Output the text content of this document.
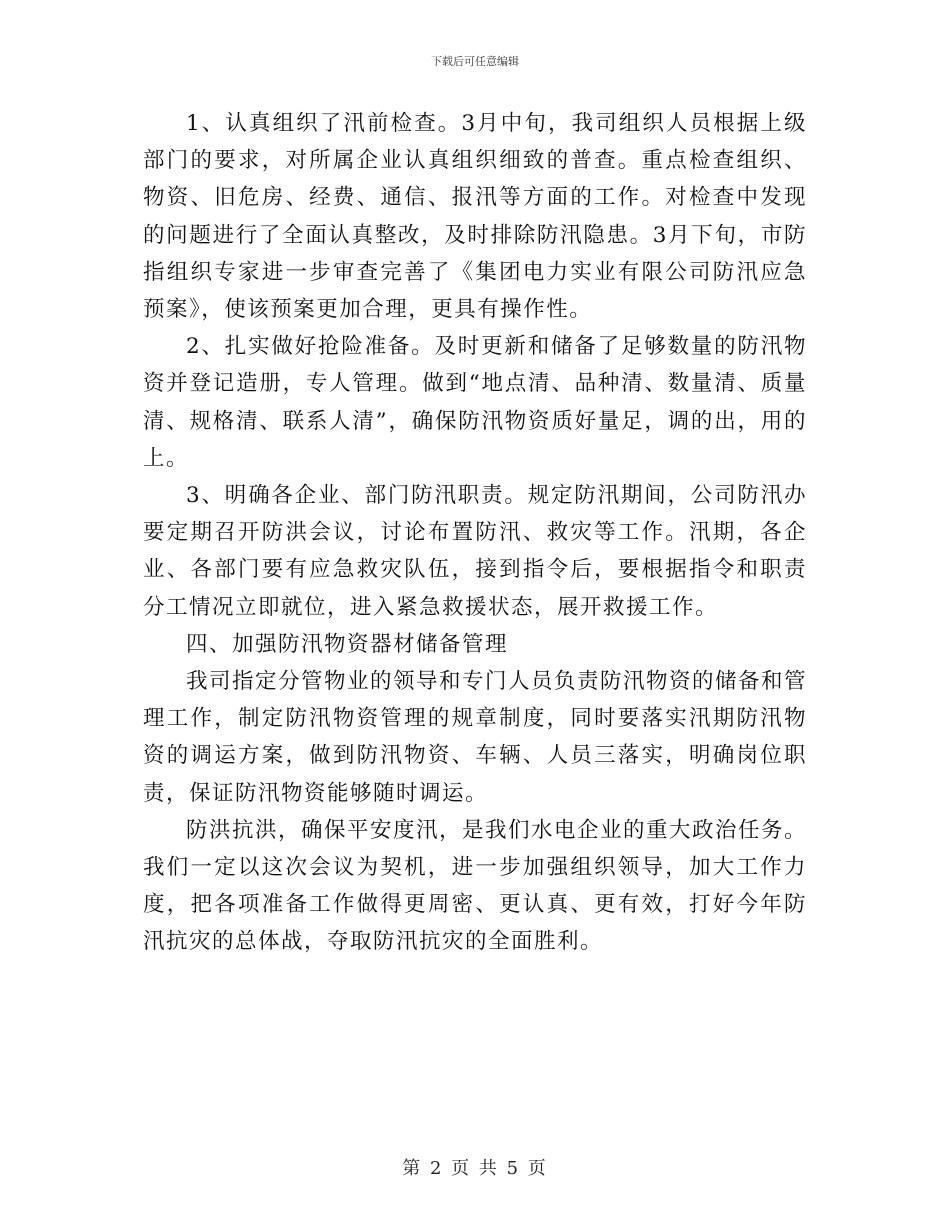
下载后可任意编辑

1、认真组织了汛前检查。3月中旬，我司组织人员根据上级部门的要求，对所属企业认真组织细致的普查。重点检查组织、物资、旧危房、经费、通信、报汛等方面的工作。对检查中发现的问题进行了全面认真整改，及时排除防汛隐患。3月下旬，市防指组织专家进一步审查完善了《集团电力实业有限公司防汛应急预案》，使该预案更加合理，更具有操作性。

2、扎实做好抢险准备。及时更新和储备了足够数量的防汛物资并登记造册，专人管理。做到“地点清、品种清、数量清、质量清、规格清、联系人清”，确保防汛物资质好量足，调的出，用的上。

3、明确各企业、部门防汛职责。规定防汛期间，公司防汛办要定期召开防洪会议，讨论布置防汛、救灾等工作。汛期，各企业、各部门要有应急救灾队伍，接到指令后，要根据指令和职责分工情况立即就位，进入紧急救援状态，展开救援工作。

四、加强防汛物资器材储备管理

我司指定分管物业的领导和专门人员负责防汛物资的储备和管理工作，制定防汛物资管理的规章制度，同时要落实汛期防汛物资的调运方案，做到防汛物资、车辆、人员三落实，明确岗位职责，保证防汛物资能够随时调运。

防洪抗洪，确保平安度汛，是我们水电企业的重大政治任务。我们一定以这次会议为契机，进一步加强组织领导，加大工作力度，把各项准备工作做得更周密、更认真、更有效，打好今年防汛抗灾的总体战，夺取防汛抗灾的全面胜利。

第 2 页 共 5 页
